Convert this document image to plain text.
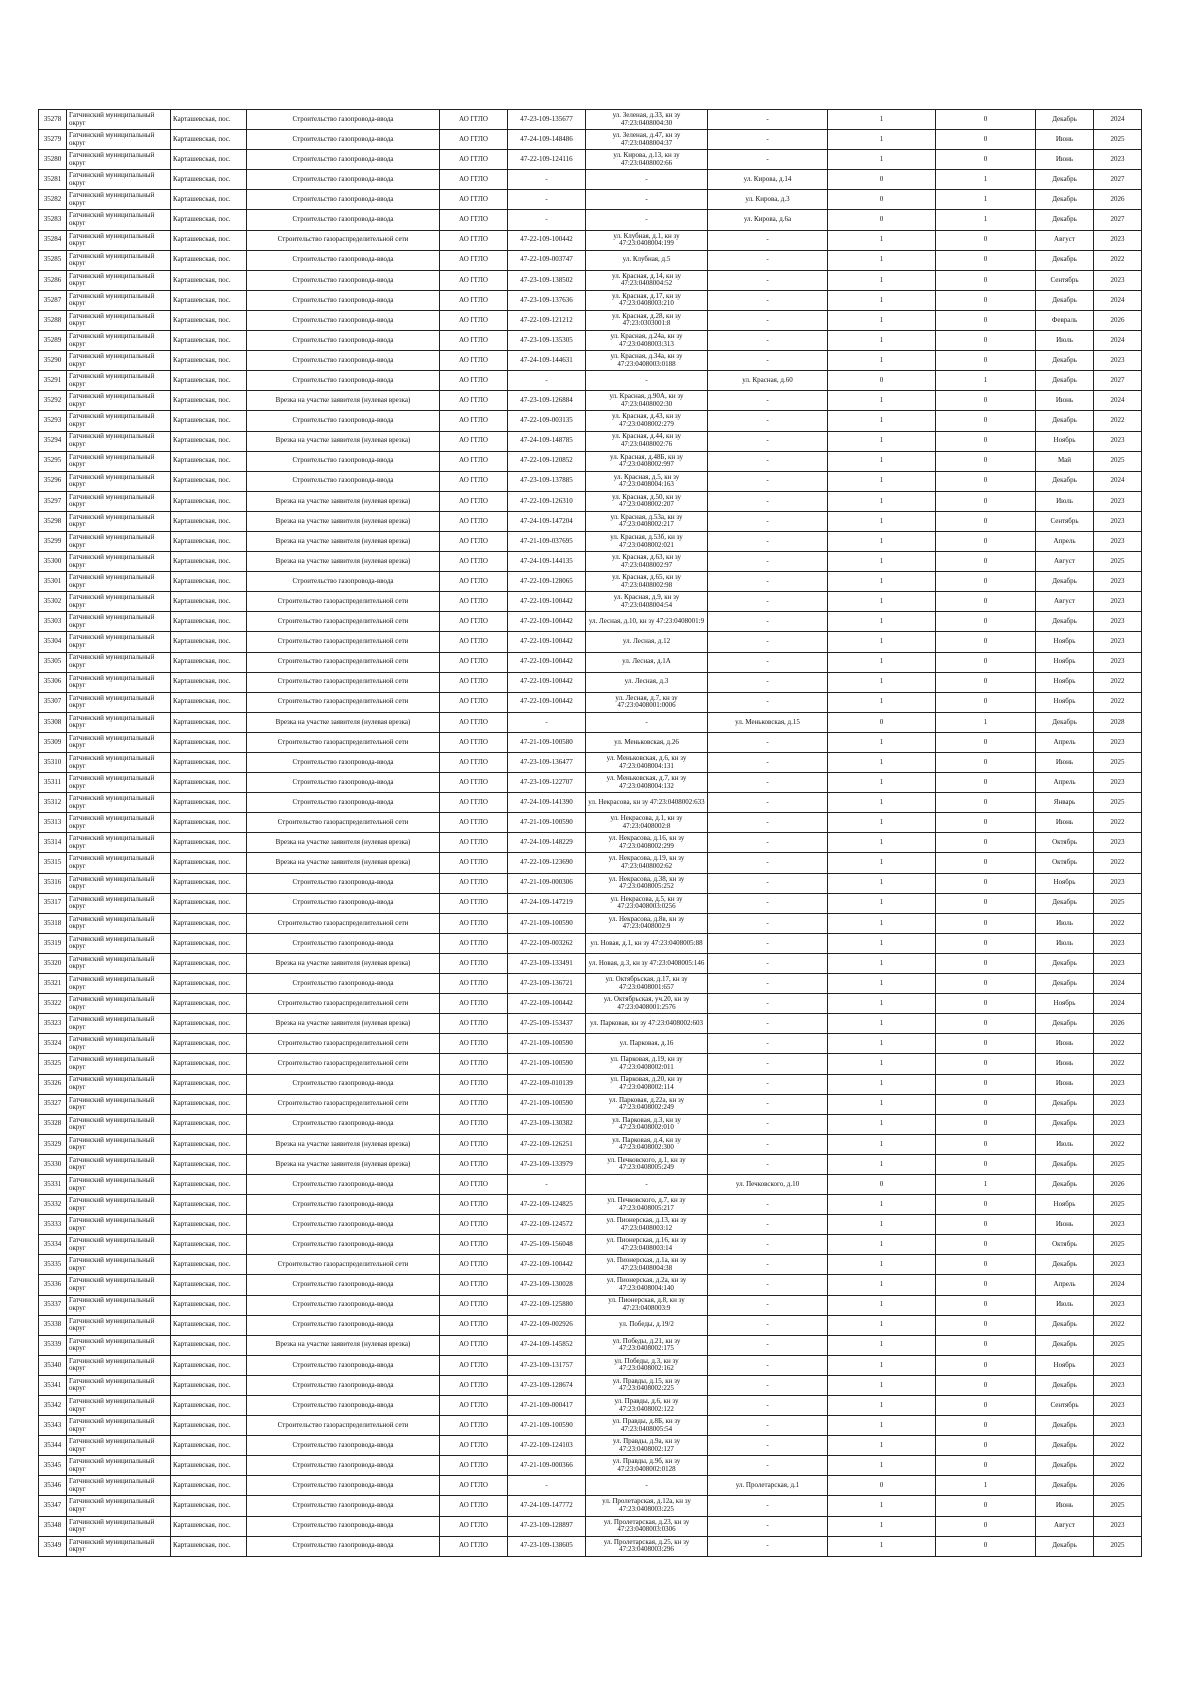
35278	Гатчинский муниципальный округ	Карташевская, пос.	Строительство газопровода-ввода	АО ГГЛО	47-23-109-135677	ул. Зеленая, д.33, кн зу 47:23:0408004:30	-	1	0	Декабрь	2024
35279	Гатчинский муниципальный округ	Карташевская, пос.	Строительство газопровода-ввода	АО ГГЛО	47-24-109-148486	ул. Зеленая, д.47, кн зу 47:23:0408004:37	-	1	0	Июнь	2025
35280	Гатчинский муниципальный округ	Карташевская, пос.	Строительство газопровода-ввода	АО ГГЛО	47-22-109-124116	ул. Кирова, д.13, кн зу 47:23:0408002:66	-	1	0	Июнь	2023
35281	Гатчинский муниципальный округ	Карташевская, пос.	Строительство газопровода-ввода	АО ГГЛО	-	-	ул. Кирова, д.14	0	1	Декабрь	2027
35282	Гатчинский муниципальный округ	Карташевская, пос.	Строительство газопровода-ввода	АО ГГЛО	-	-	ул. Кирова, д.3	0	1	Декабрь	2026
35283	Гатчинский муниципальный округ	Карташевская, пос.	Строительство газопровода-ввода	АО ГГЛО	-	-	ул. Кирова, д.6а	0	1	Декабрь	2027
35284	Гатчинский муниципальный округ	Карташевская, пос.	Строительство газораспределительной сети	АО ГГЛО	47-22-109-100442	ул. Клубная, д.1, кн зу 47:23:0408004:199	-	1	0	Август	2023
35285	Гатчинский муниципальный округ	Карташевская, пос.	Строительство газопровода-ввода	АО ГГЛО	47-22-109-003747	ул. Клубная, д.5	-	1	0	Декабрь	2022
35286	Гатчинский муниципальный округ	Карташевская, пос.	Строительство газопровода-ввода	АО ГГЛО	47-23-109-138502	ул. Красная, д.14, кн зу 47:23:0408004:52	-	1	0	Сентябрь	2023
35287	Гатчинский муниципальный округ	Карташевская, пос.	Строительство газопровода-ввода	АО ГГЛО	47-23-109-137636	ул. Красная, д.17, кн зу 47:23:0408003:210	-	1	0	Декабрь	2024
35288	Гатчинский муниципальный округ	Карташевская, пос.	Строительство газопровода-ввода	АО ГГЛО	47-22-109-121212	ул. Красная, д.28, кн зу 47:23:0303001:8	-	1	0	Февраль	2026
35289	Гатчинский муниципальный округ	Карташевская, пос.	Строительство газопровода-ввода	АО ГГЛО	47-23-109-135305	ул. Красная, д.24а, кн зу 47:23:0408003:313	-	1	0	Июль	2024
35290	Гатчинский муниципальный округ	Карташевская, пос.	Строительство газопровода-ввода	АО ГГЛО	47-24-109-144631	ул. Красная, д.34а, кн зу 47:23:0408003:0188	-	1	0	Декабрь	2023
35291	Гатчинский муниципальный округ	Карташевская, пос.	Строительство газопровода-ввода	АО ГГЛО	-	-	ул. Красная, д.60	0	1	Декабрь	2027
35292	Гатчинский муниципальный округ	Карташевская, пос.	Врезка на участке заявителя (нулевая врезка)	АО ГГЛО	47-23-109-126884	ул. Красная, д.90А, кн зу 47:23:0408002:30	-	1	0	Июнь	2024
35293	Гатчинский муниципальный округ	Карташевская, пос.	Строительство газопровода-ввода	АО ГГЛО	47-22-109-003135	ул. Красная, д.43, кн зу 47:23:0408002:279	-	1	0	Декабрь	2022
35294	Гатчинский муниципальный округ	Карташевская, пос.	Врезка на участке заявителя (нулевая врезка)	АО ГГЛО	47-24-109-148785	ул. Красная, д.44, кн зу 47:23:0408002:76	-	1	0	Ноябрь	2023
35295	Гатчинский муниципальный округ	Карташевская, пос.	Строительство газопровода-ввода	АО ГГЛО	47-22-109-120852	ул. Красная, д.48Б, кн зу 47:23:0408002:997	-	1	0	Май	2025
35296	Гатчинский муниципальный округ	Карташевская, пос.	Строительство газопровода-ввода	АО ГГЛО	47-23-109-137885	ул. Красная, д.5, кн зу 47:23:0408004:163	-	1	0	Декабрь	2024
35297	Гатчинский муниципальный округ	Карташевская, пос.	Врезка на участке заявителя (нулевая врезка)	АО ГГЛО	47-22-109-126310	ул. Красная, д.50, кн зу 47:23:0408002:207	-	1	0	Июль	2023
35298	Гатчинский муниципальный округ	Карташевская, пос.	Врезка на участке заявителя (нулевая врезка)	АО ГГЛО	47-24-109-147204	ул. Красная, д.53а, кн зу 47:23:0408002:217	-	1	0	Сентябрь	2023
35299	Гатчинский муниципальный округ	Карташевская, пос.	Врезка на участке заявителя (нулевая врезка)	АО ГГЛО	47-21-109-037695	ул. Красная, д.53б, кн зу 47:23:0408002:021	-	1	0	Апрель	2023
35300	Гатчинский муниципальный округ	Карташевская, пос.	Врезка на участке заявителя (нулевая врезка)	АО ГГЛО	47-24-109-144135	ул. Красная, д.63, кн зу 47:23:0408002:97	-	1	0	Август	2025
35301	Гатчинский муниципальный округ	Карташевская, пос.	Строительство газопровода-ввода	АО ГГЛО	47-22-109-128065	ул. Красная, д.65, кн зу 47:23:0408002:98	-	1	0	Декабрь	2023
35302	Гатчинский муниципальный округ	Карташевская, пос.	Строительство газораспределительной сети	АО ГГЛО	47-22-109-100442	ул. Красная, д.9, кн зу 47:23:0408004:54	-	1	0	Август	2023
35303	Гатчинский муниципальный округ	Карташевская, пос.	Строительство газораспределительной сети	АО ГГЛО	47-22-109-100442	ул. Лесная, д.10, кн зу 47:23:0408001:9	-	1	0	Декабрь	2023
35304	Гатчинский муниципальный округ	Карташевская, пос.	Строительство газораспределительной сети	АО ГГЛО	47-22-109-100442	ул. Лесная, д.12	-	1	0	Ноябрь	2023
35305	Гатчинский муниципальный округ	Карташевская, пос.	Строительство газораспределительной сети	АО ГГЛО	47-22-109-100442	ул. Лесная, д.1А	-	1	0	Ноябрь	2023
35306	Гатчинский муниципальный округ	Карташевская, пос.	Строительство газораспределительной сети	АО ГГЛО	47-22-109-100442	ул. Лесная, д.3	-	1	0	Ноябрь	2022
35307	Гатчинский муниципальный округ	Карташевская, пос.	Строительство газораспределительной сети	АО ГГЛО	47-22-109-100442	ул. Лесная, д.7, кн зу 47:23:0408001:0006	-	1	0	Ноябрь	2022
35308	Гатчинский муниципальный округ	Карташевская, пос.	Врезка на участке заявителя (нулевая врезка)	АО ГГЛО	-	-	ул. Меньковская, д.15	0	1	Декабрь	2028
35309	Гатчинский муниципальный округ	Карташевская, пос.	Строительство газораспределительной сети	АО ГГЛО	47-21-109-100580	ул. Меньковская, д.26	-	1	0	Апрель	2023
35310	Гатчинский муниципальный округ	Карташевская, пос.	Строительство газопровода-ввода	АО ГГЛО	47-23-109-136477	ул. Меньковская, д.6, кн зу 47:23:0408004:131	-	1	0	Июнь	2025
35311	Гатчинский муниципальный округ	Карташевская, пос.	Строительство газопровода-ввода	АО ГГЛО	47-23-109-122707	ул. Меньковская, д.7, кн зу 47:23:0408004:132	-	1	0	Апрель	2023
35312	Гатчинский муниципальный округ	Карташевская, пос.	Строительство газопровода-ввода	АО ГГЛО	47-24-109-141390	ул. Некрасова, кн зу 47:23:0408002:633	-	1	0	Январь	2025
35313	Гатчинский муниципальный округ	Карташевская, пос.	Строительство газораспределительной сети	АО ГГЛО	47-21-109-100590	ул. Некрасова, д.1, кн зу 47:23:0408002:8	-	1	0	Июнь	2022
35314	Гатчинский муниципальный округ	Карташевская, пос.	Врезка на участке заявителя (нулевая врезка)	АО ГГЛО	47-24-109-148229	ул. Некрасова, д.16, кн зу 47:23:0408002:299	-	1	0	Октябрь	2023
35315	Гатчинский муниципальный округ	Карташевская, пос.	Врезка на участке заявителя (нулевая врезка)	АО ГГЛО	47-22-109-123690	ул. Некрасова, д.19, кн зу 47:23:0408002:62	-	1	0	Октябрь	2022
35316	Гатчинский муниципальный округ	Карташевская, пос.	Строительство газопровода-ввода	АО ГГЛО	47-21-109-000306	ул. Некрасова, д.38, кн зу 47:23:0408005:252	-	1	0	Ноябрь	2023
35317	Гатчинский муниципальный округ	Карташевская, пос.	Строительство газопровода-ввода	АО ГГЛО	47-24-109-147219	ул. Некрасова, д.5, кн зу 47:23:0408003:0256	-	1	0	Декабрь	2025
35318	Гатчинский муниципальный округ	Карташевская, пос.	Строительство газораспределительной сети	АО ГГЛО	47-21-109-100590	ул. Некрасова, д.8в, кн зу 47:23:0408002:9	-	1	0	Июль	2022
35319	Гатчинский муниципальный округ	Карташевская, пос.	Строительство газопровода-ввода	АО ГГЛО	47-22-109-003262	ул. Новая, д.1, кн зу 47:23:0408005:88	-	1	0	Июль	2023
35320	Гатчинский муниципальный округ	Карташевская, пос.	Врезка на участке заявителя (нулевая врезка)	АО ГГЛО	47-23-109-133491	ул. Новая, д.3, кн зу 47:23:0408005:146	-	1	0	Декабрь	2023
35321	Гатчинский муниципальный округ	Карташевская, пос.	Строительство газопровода-ввода	АО ГГЛО	47-23-109-136721	ул. Октябрьская, д.17, кн зу 47:23:0408001:657	-	1	0	Декабрь	2024
35322	Гатчинский муниципальный округ	Карташевская, пос.	Строительство газораспределительной сети	АО ГГЛО	47-22-109-100442	ул. Октябрьская, уч.20, кн зу 47:23:0408001:2576	-	1	0	Ноябрь	2024
35323	Гатчинский муниципальный округ	Карташевская, пос.	Врезка на участке заявителя (нулевая врезка)	АО ГГЛО	47-25-109-153437	ул. Парковая, кн зу 47:23:0408002:603	-	1	0	Декабрь	2026
35324	Гатчинский муниципальный округ	Карташевская, пос.	Строительство газораспределительной сети	АО ГГЛО	47-21-109-100590	ул. Парковая, д.16	-	1	0	Июнь	2022
35325	Гатчинский муниципальный округ	Карташевская, пос.	Строительство газораспределительной сети	АО ГГЛО	47-21-109-100590	ул. Парковая, д.19, кн зу 47:23:0408002:011	-	1	0	Июнь	2022
35326	Гатчинский муниципальный округ	Карташевская, пос.	Строительство газопровода-ввода	АО ГГЛО	47-22-109-010139	ул. Парковая, д.20, кн зу 47:23:0408002:114	-	1	0	Июнь	2023
35327	Гатчинский муниципальный округ	Карташевская, пос.	Строительство газораспределительной сети	АО ГГЛО	47-21-109-100590	ул. Парковая, д.22а, кн зу 47:23:0408002:249	-	1	0	Декабрь	2023
35328	Гатчинский муниципальный округ	Карташевская, пос.	Строительство газопровода-ввода	АО ГГЛО	47-23-109-130382	ул. Парковая, д.3, кн зу 47:23:0408002:010	-	1	0	Декабрь	2023
35329	Гатчинский муниципальный округ	Карташевская, пос.	Врезка на участке заявителя (нулевая врезка)	АО ГГЛО	47-22-109-126251	ул. Парковая, д.4, кн зу 47:23:0408002:300	-	1	0	Июль	2022
35330	Гатчинский муниципальный округ	Карташевская, пос.	Врезка на участке заявителя (нулевая врезка)	АО ГГЛО	47-23-109-133979	ул. Печковского, д.1, кн зу 47:23:0408005:249	-	1	0	Декабрь	2025
35331	Гатчинский муниципальный округ	Карташевская, пос.	Строительство газопровода-ввода	АО ГГЛО	-	-	ул. Печковского, д.10	0	1	Декабрь	2026
35332	Гатчинский муниципальный округ	Карташевская, пос.	Строительство газопровода-ввода	АО ГГЛО	47-22-109-124825	ул. Печковского, д.7, кн зу 47:23:0408005:217	-	1	0	Ноябрь	2025
35333	Гатчинский муниципальный округ	Карташевская, пос.	Строительство газопровода-ввода	АО ГГЛО	47-22-109-124572	ул. Пионерская, д.13, кн зу 47:23:0408003:12	-	1	0	Июнь	2023
35334	Гатчинский муниципальный округ	Карташевская, пос.	Строительство газопровода-ввода	АО ГГЛО	47-25-109-156048	ул. Пионерская, д.16, кн зу 47:23:0408003:14	-	1	0	Октябрь	2025
35335	Гатчинский муниципальный округ	Карташевская, пос.	Строительство газораспределительной сети	АО ГГЛО	47-22-109-100442	ул. Пионерская, д.1а, кн зу 47:23:0408004:38	-	1	0	Декабрь	2023
35336	Гатчинский муниципальный округ	Карташевская, пос.	Строительство газопровода-ввода	АО ГГЛО	47-23-109-130028	ул. Пионерская, д.2а, кн зу 47:23:0408004:140	-	1	0	Апрель	2024
35337	Гатчинский муниципальный округ	Карташевская, пос.	Строительство газопровода-ввода	АО ГГЛО	47-22-109-125880	ул. Пионерская, д.8, кн зу 47:23:0408003:9	-	1	0	Июль	2023
35338	Гатчинский муниципальный округ	Карташевская, пос.	Строительство газопровода-ввода	АО ГГЛО	47-22-109-002926	ул. Победы, д.19/2	-	1	0	Декабрь	2022
35339	Гатчинский муниципальный округ	Карташевская, пос.	Врезка на участке заявителя (нулевая врезка)	АО ГГЛО	47-24-109-145852	ул. Победы, д.21, кн зу 47:23:0408002:175	-	1	0	Декабрь	2025
35340	Гатчинский муниципальный округ	Карташевская, пос.	Строительство газопровода-ввода	АО ГГЛО	47-23-109-131757	ул. Победы, д.3, кн зу 47:23:0408002:162	-	1	0	Ноябрь	2023
35341	Гатчинский муниципальный округ	Карташевская, пос.	Строительство газопровода-ввода	АО ГГЛО	47-23-109-128674	ул. Правды, д.15, кн зу 47:23:0408002:225	-	1	0	Декабрь	2023
35342	Гатчинский муниципальный округ	Карташевская, пос.	Строительство газопровода-ввода	АО ГГЛО	47-21-109-000417	ул. Правды, д.6, кн зу 47:23:0408002:122	-	1	0	Сентябрь	2023
35343	Гатчинский муниципальный округ	Карташевская, пос.	Строительство газораспределительной сети	АО ГГЛО	47-21-109-100590	ул. Правды, д.8Б, кн зу 47:23:0408005:54	-	1	0	Декабрь	2023
35344	Гатчинский муниципальный округ	Карташевская, пос.	Строительство газопровода-ввода	АО ГГЛО	47-22-109-124103	ул. Правды, д.9а, кн зу 47:23:0408002:127	-	1	0	Декабрь	2022
35345	Гатчинский муниципальный округ	Карташевская, пос.	Строительство газопровода-ввода	АО ГГЛО	47-21-109-000366	ул. Правды, д.9б, кн зу 47:23:0408002:0128	-	1	0	Декабрь	2022
35346	Гатчинский муниципальный округ	Карташевская, пос.	Строительство газопровода-ввода	АО ГГЛО	-	-	ул. Пролетарская, д.1	0	1	Декабрь	2026
35347	Гатчинский муниципальный округ	Карташевская, пос.	Строительство газопровода-ввода	АО ГГЛО	47-24-109-147772	ул. Пролетарская, д.12а, кн зу 47:23:0408003:225	-	1	0	Июнь	2025
35348	Гатчинский муниципальный округ	Карташевская, пос.	Строительство газопровода-ввода	АО ГГЛО	47-23-109-128897	ул. Пролетарская, д.23, кн зу 47:23:0408003:0306	-	1	0	Август	2023
35349	Гатчинский муниципальный округ	Карташевская, пос.	Строительство газопровода-ввода	АО ГГЛО	47-23-109-138605	ул. Пролетарская, д.25, кн зу 47:23:0408003:296	-	1	0	Декабрь	2025
